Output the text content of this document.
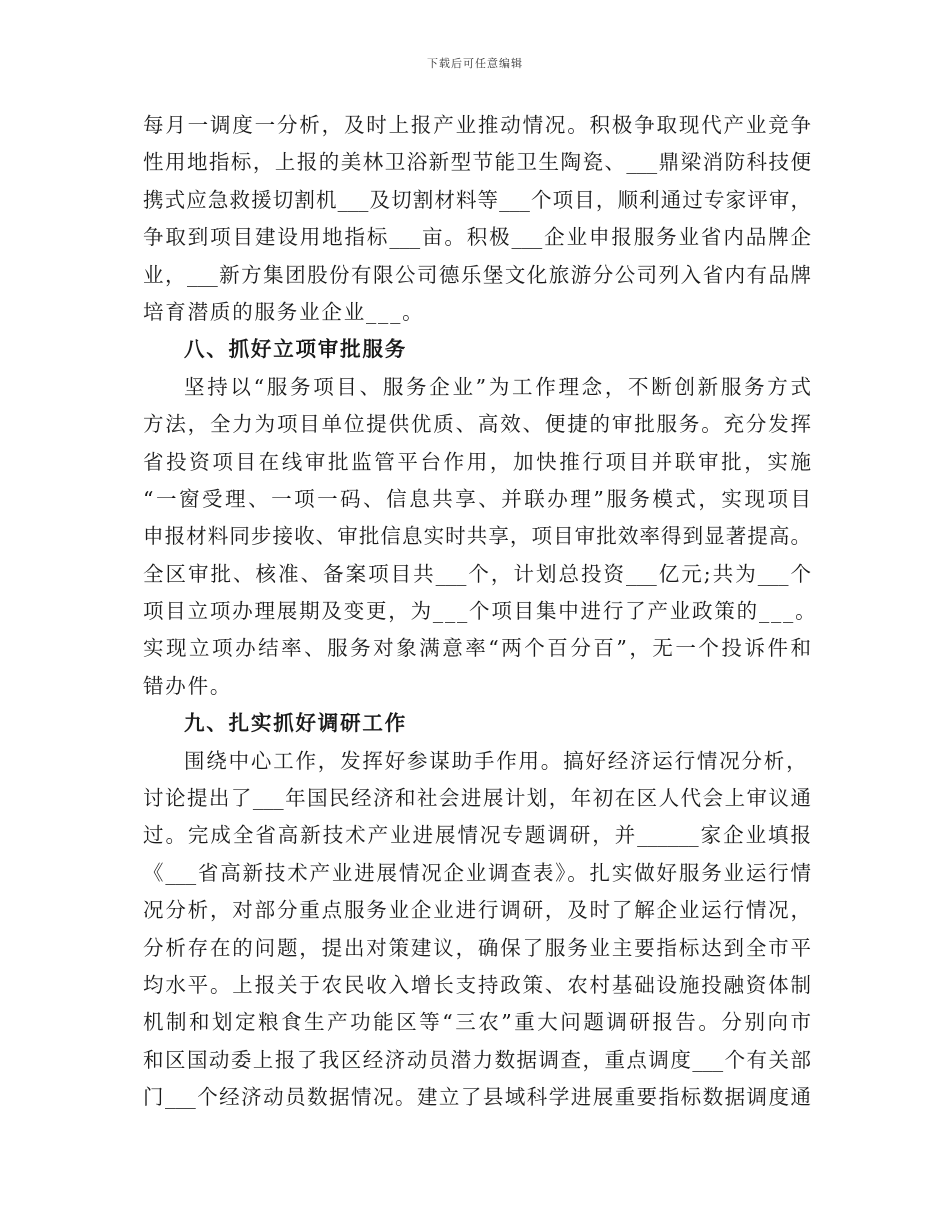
下载后可任意编辑
每月一调度一分析，及时上报产业推动情况。积极争取现代产业竞争
性用地指标，上报的美林卫浴新型节能卫生陶瓷、___鼎梁消防科技便
携式应急救援切割机___及切割材料等___个项目，顺利通过专家评审，
争取到项目建设用地指标___亩。积极___企业申报服务业省内品牌企
业，___新方集团股份有限公司德乐堡文化旅游分公司列入省内有品牌
培育潜质的服务业企业___。
八、抓好立项审批服务
坚持以“服务项目、服务企业”为工作理念，不断创新服务方式
方法，全力为项目单位提供优质、高效、便捷的审批服务。充分发挥
省投资项目在线审批监管平台作用，加快推行项目并联审批，实施
“一窗受理、一项一码、信息共享、并联办理”服务模式，实现项目
申报材料同步接收、审批信息实时共享，项目审批效率得到显著提高。
全区审批、核准、备案项目共___个，计划总投资___亿元;共为___个
项目立项办理展期及变更，为___个项目集中进行了产业政策的___。
实现立项办结率、服务对象满意率“两个百分百”，无一个投诉件和
错办件。
九、扎实抓好调研工作
围绕中心工作，发挥好参谋助手作用。搞好经济运行情况分析，
讨论提出了___年国民经济和社会进展计划，年初在区人代会上审议通
过。完成全省高新技术产业进展情况专题调研，并______家企业填报
《___省高新技术产业进展情况企业调查表》。扎实做好服务业运行情
况分析，对部分重点服务业企业进行调研，及时了解企业运行情况，
分析存在的问题，提出对策建议，确保了服务业主要指标达到全市平
均水平。上报关于农民收入增长支持政策、农村基础设施投融资体制
机制和划定粮食生产功能区等“三农”重大问题调研报告。分别向市
和区国动委上报了我区经济动员潜力数据调查，重点调度___个有关部
门___个经济动员数据情况。建立了县域科学进展重要指标数据调度通
